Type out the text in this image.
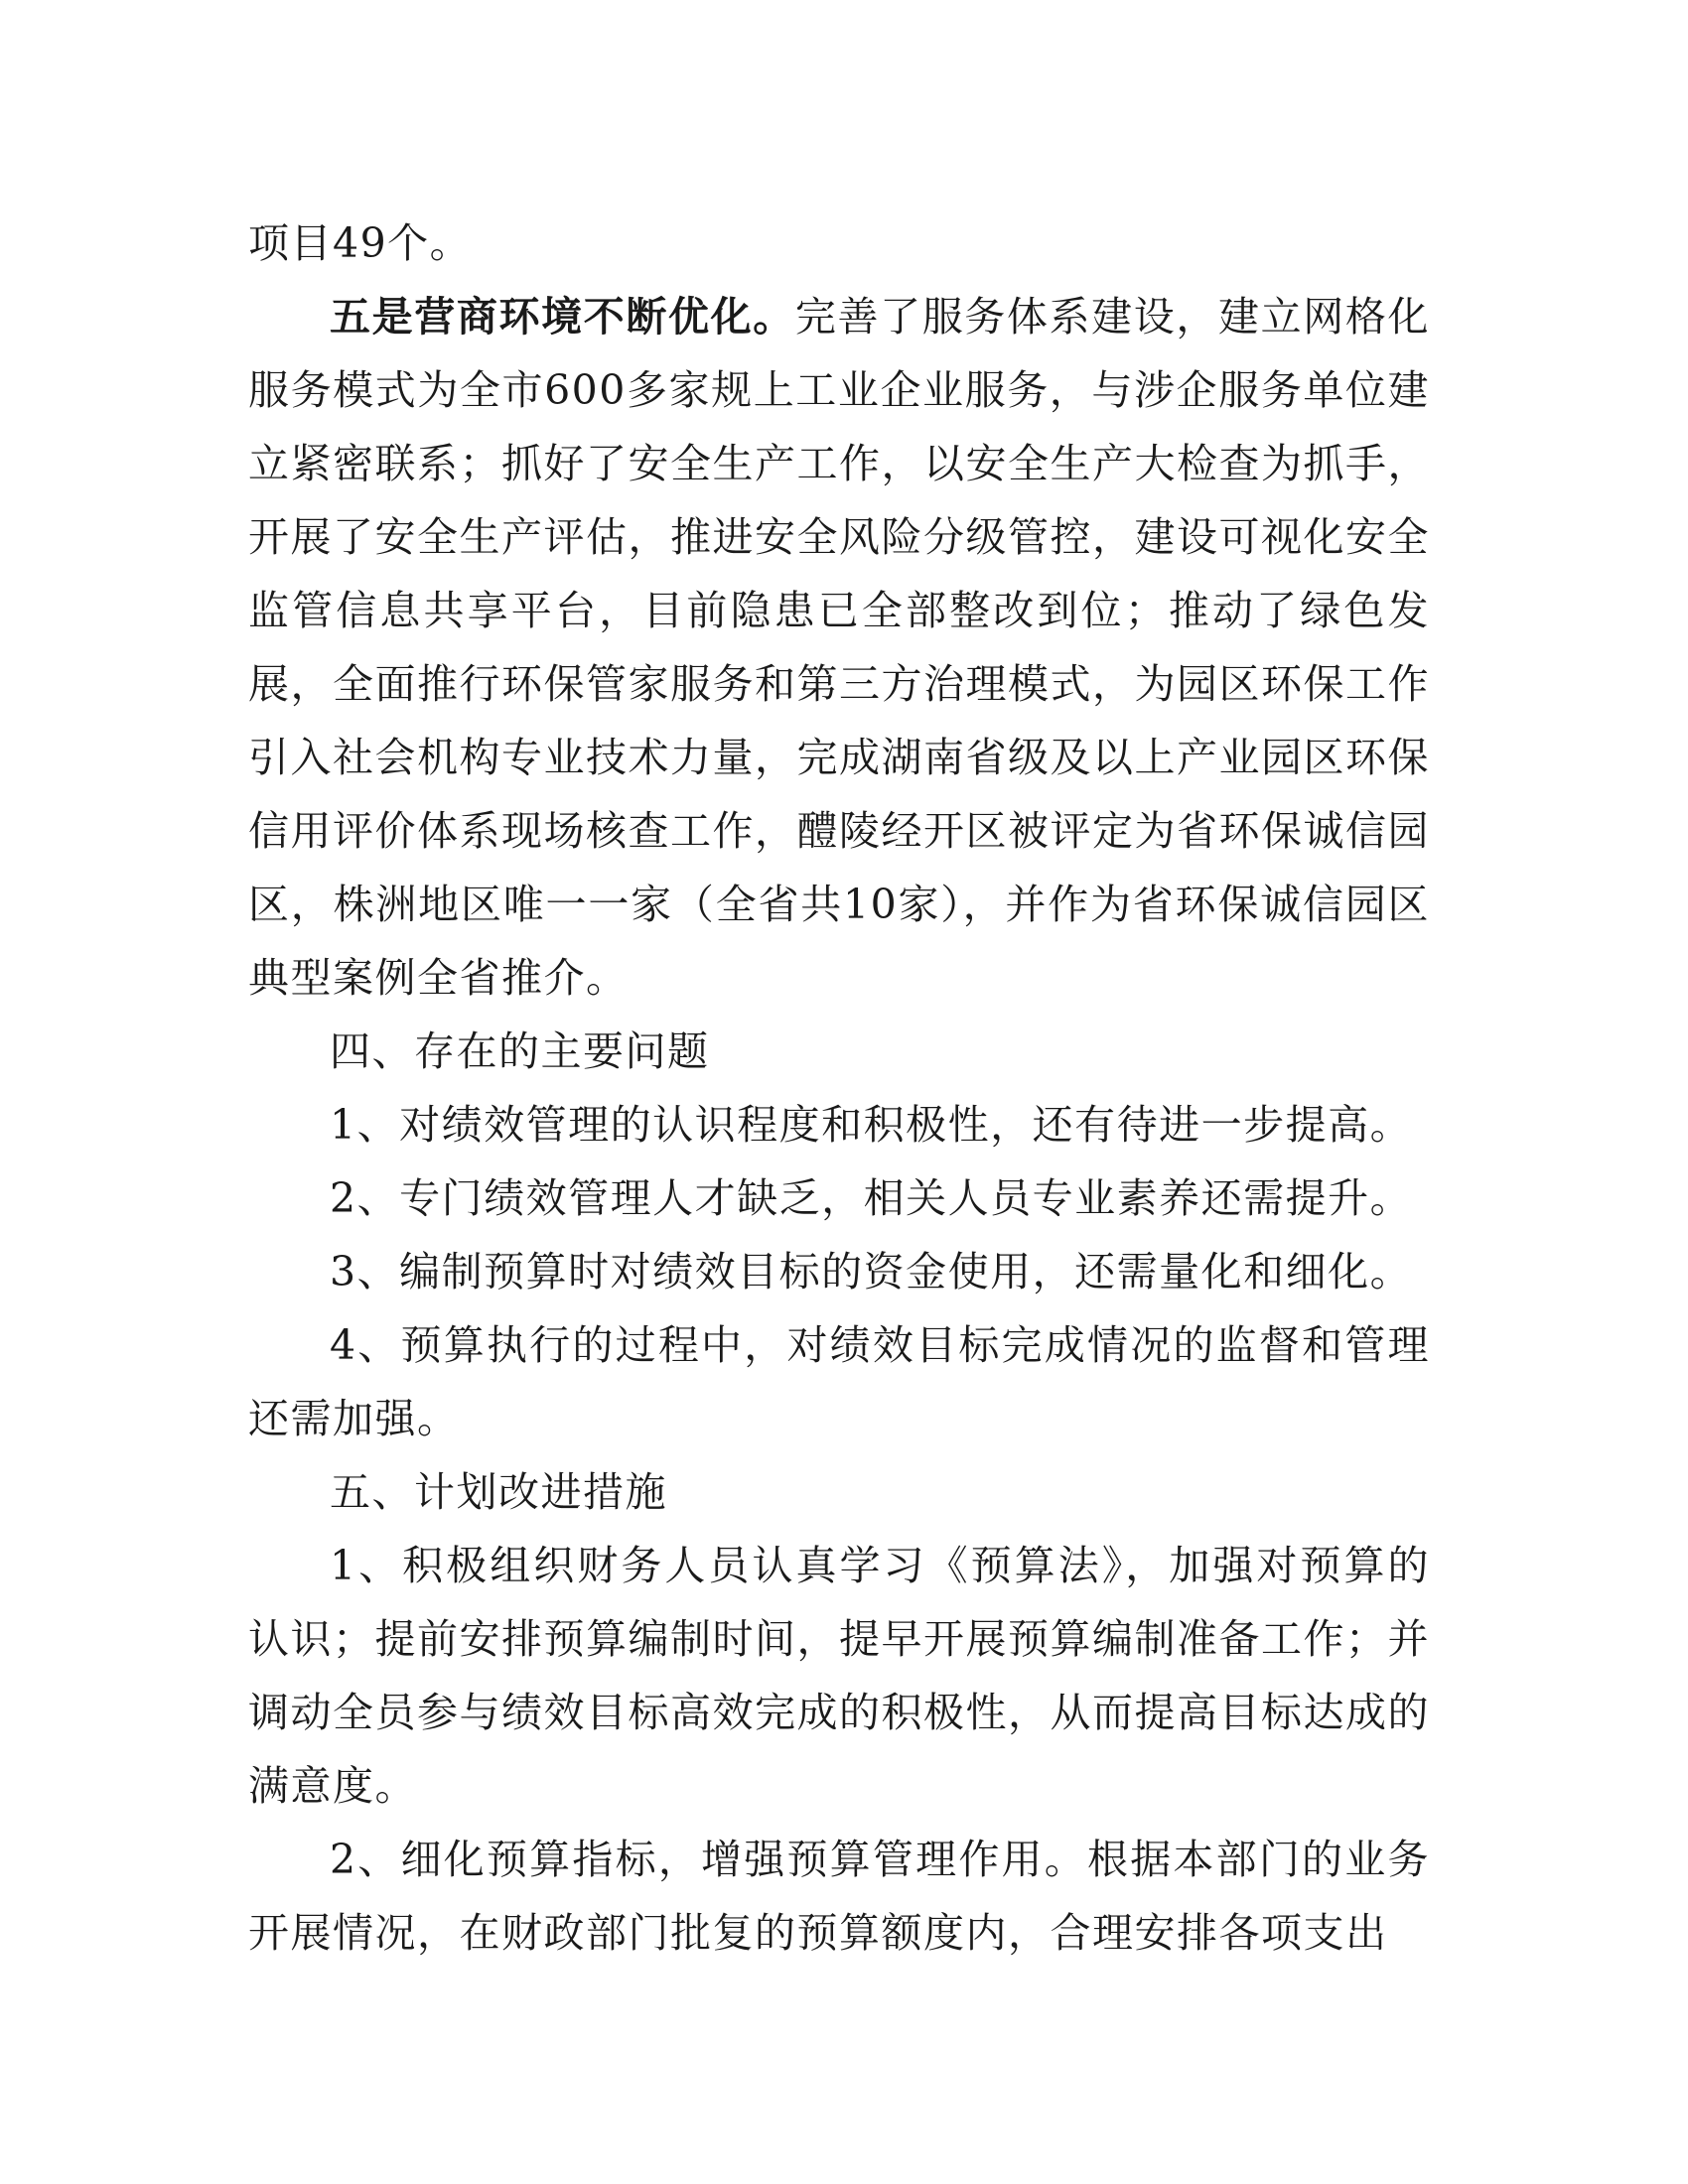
项目49个。

五是营商环境不断优化。完善了服务体系建设，建立网格化服务模式为全市600多家规上工业企业服务，与涉企服务单位建立紧密联系；抓好了安全生产工作，以安全生产大检查为抓手，开展了安全生产评估，推进安全风险分级管控，建设可视化安全监管信息共享平台，目前隐患已全部整改到位；推动了绿色发展，全面推行环保管家服务和第三方治理模式，为园区环保工作引入社会机构专业技术力量，完成湖南省级及以上产业园区环保信用评价体系现场核查工作，醴陵经开区被评定为省环保诚信园区，株洲地区唯一一家（全省共10家），并作为省环保诚信园区典型案例全省推介。

四、存在的主要问题

1、对绩效管理的认识程度和积极性，还有待进一步提高。

2、专门绩效管理人才缺乏，相关人员专业素养还需提升。

3、编制预算时对绩效目标的资金使用，还需量化和细化。

4、预算执行的过程中，对绩效目标完成情况的监督和管理还需加强。

五、计划改进措施

1、积极组织财务人员认真学习《预算法》，加强对预算的认识；提前安排预算编制时间，提早开展预算编制准备工作；并调动全员参与绩效目标高效完成的积极性，从而提高目标达成的满意度。

2、细化预算指标，增强预算管理作用。根据本部门的业务开展情况，在财政部门批复的预算额度内，合理安排各项支出
